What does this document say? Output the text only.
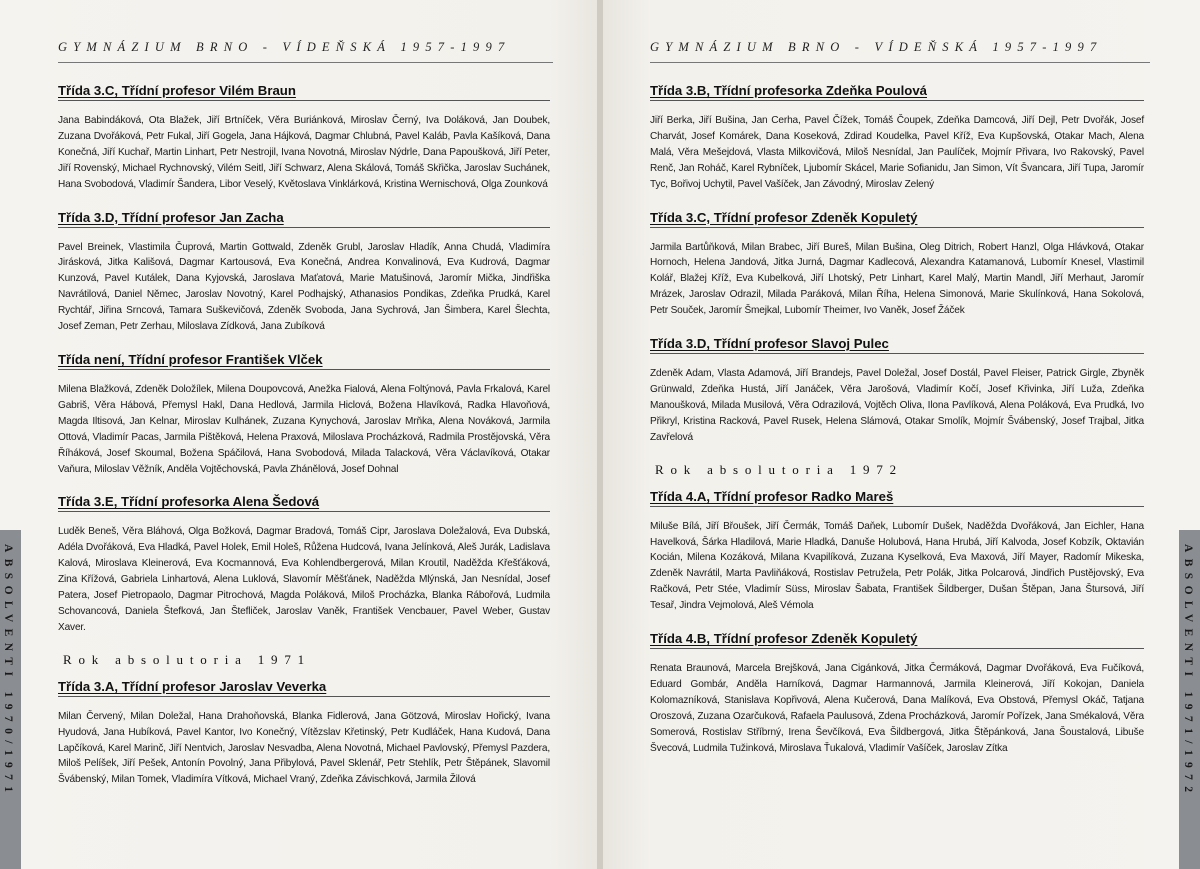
GYMNÁZIUM BRNO - VÍDEŇSKÁ 1957-1997
Třída 3.C, Třídní profesor Vilém Braun

Jana Babindáková, Ota Blažek, Jiří Brtníček, Věra Buriánková, Miroslav Černý, Iva Doláková, Jan Doubek, Zuzana Dvořáková, Petr Fukal, Jiří Gogela, Jana Hájková, Dagmar Chlubná, Pavel Kaláb, Pavla Kašíková, Dana Konečná, Jiří Kuchař, Martin Linhart, Petr Nestrojil, Ivana Novotná, Miroslav Nýdrle, Dana Papoušková, Jiří Peter, Jiří Rovenský, Michael Rychnovský, Vilém Seitl, Jiří Schwarz, Alena Skálová, Tomáš Skřička, Jaroslav Suchánek, Hana Svobodová, Vladimír Šandera, Libor Veselý, Květoslava Vinklárková, Kristina Wernischová, Olga Zounková

Třída 3.D, Třídní profesor Jan Zacha

Pavel Breinek, Vlastimila Čuprová, Martin Gottwald, Zdeněk Grubl, Jaroslav Hladík, Anna Chudá, Vladimíra Jirásková, Jitka Kališová, Dagmar Kartousová, Eva Konečná, Andrea Konvalinová, Eva Kudrová, Dagmar Kunzová, Pavel Kutálek, Dana Kyjovská, Jaroslava Maťatová, Marie Matušinová, Jaromír Mička, Jindřiška Navrátilová, Daniel Němec, Jaroslav Novotný, Karel Podhajský, Athanasios Pondikas, Zdeňka Prudká, Karel Rychtář, Jiřina Srncová, Tamara Suškevičová, Zdeněk Svoboda, Jana Sychrová, Jan Šimbera, Karel Šlechta, Josef Zeman, Petr Zerhau, Miloslava Zídková, Jana Zubíková

Třída není, Třídní profesor František Vlček

Milena Blažková, Zdeněk Doložílek, Milena Doupovcová, Anežka Fialová, Alena Foltýnová, Pavla Frkalová, Karel Gabriš, Věra Hábová, Přemysl Hakl, Dana Hedlová, Jarmila Hiclová, Božena Hlavíková, Radka Hlavoňová, Magda Iltisová, Jan Kelnar, Miroslav Kulhánek, Zuzana Kynychová, Jaroslav Mrňka, Alena Nováková, Jarmila Ottová, Vladimír Pacas, Jarmila Pištěková, Helena Praxová, Miloslava Procházková, Radmila Prostějovská, Věra Říháková, Josef Skoumal, Božena Spáčilová, Hana Svobodová, Milada Talacková, Věra Václavíková, Otakar Vaňura, Miloslav Věžník, Anděla Vojtěchovská, Pavla Zhánělová, Josef Dohnal

Třída 3.E, Třídní profesorka Alena Šedová

Luděk Beneš, Věra Bláhová, Olga Božková, Dagmar Bradová, Tomáš Cipr, Jaroslava Doležalová, Eva Dubská, Adéla Dvořáková, Eva Hladká, Pavel Holek, Emil Holeš, Růžena Hudcová, Ivana Jelínková, Aleš Jurák, Ladislava Kalová, Miroslava Kleinerová, Eva Kocmannová, Eva Kohlendbergerová, Milan Kroutil, Naděžda Křešťáková, Zina Křížová, Gabriela Linhartová, Alena Luklová, Slavomír Měšťánek, Naděžda Mlýnská, Jan Nesnídal, Josef Patera, Josef Pietropaolo, Dagmar Pitrochová, Magda Poláková, Miloš Procházka, Blanka Rábořová, Ludmila Schovancová, Daniela Štefková, Jan Štefliček, Jaroslav Vaněk, František Vencbauer, Pavel Weber, Gustav Xaver.

Rok absolutoria 1971
Třída 3.A, Třídní profesor Jaroslav Veverka

Milan Červený, Milan Doležal, Hana Drahoňovská, Blanka Fidlerová, Jana Götzová, Miroslav Hořický, Ivana Hyudová, Jana Hubíková, Pavel Kantor, Ivo Konečný, Vítězslav Křetinský, Petr Kudláček, Hana Kudová, Dana Lapčíková, Karel Marinč, Jiří Nentvich, Jaroslav Nesvadba, Alena Novotná, Michael Pavlovský, Přemysl Pazdera, Miloš Pelíšek, Jiří Pešek, Antonín Povolný, Jana Přibylová, Pavel Sklenář, Petr Stehlík, Petr Štěpánek, Slavomil Švábenský, Milan Tomek, Vladimíra Vítková, Michael Vraný, Zdeňka Závischková, Jarmila Žilová

ABSOLVENTI 1970/1971
GYMNÁZIUM BRNO - VÍDEŇSKÁ 1957-1997
Třída 3.B, Třídní profesorka Zdeňka Poulová

Jiří Berka, Jiří Bušina, Jan Cerha, Pavel Čížek, Tomáš Čoupek, Zdeňka Damcová, Jiří Dejl, Petr Dvořák, Josef Charvát, Josef Komárek, Dana Koseková, Zdirad Koudelka, Pavel Kříž, Eva Kupšovská, Otakar Mach, Alena Malá, Věra Mešejdová, Vlasta Milkovičová, Miloš Nesnídal, Jan Paulíček, Mojmír Přivara, Ivo Rakovský, Pavel Renč, Jan Roháč, Karel Rybníček, Ljubomír Skácel, Marie Sofianidu, Jan Simon, Vít Švancara, Jiří Tupa, Jaromír Tyc, Bořivoj Uchytil, Pavel Vašíček, Jan Závodný, Miroslav Zelený

Třída 3.C, Třídní profesor Zdeněk Kopuletý

Jarmila Bartůňková, Milan Brabec, Jiří Bureš, Milan Bušina, Oleg Ditrich, Robert Hanzl, Olga Hlávková, Otakar Hornoch, Helena Jandová, Jitka Jurná, Dagmar Kadlecová, Alexandra Katamanová, Lubomír Knesel, Vlastimil Kolář, Blažej Kříž, Eva Kubelková, Jiří Lhotský, Petr Linhart, Karel Malý, Martin Mandl, Jiří Merhaut, Jaromír Mrázek, Jaroslav Odrazil, Milada Paráková, Milan Říha, Helena Simonová, Marie Skulínková, Hana Sokolová, Petr Souček, Jaromír Šmejkal, Lubomír Theimer, Ivo Vaněk, Josef Žáček

Třída 3.D, Třídní profesor Slavoj Pulec

Zdeněk Adam, Vlasta Adamová, Jiří Brandejs, Pavel Doležal, Josef Dostál, Pavel Fleiser, Patrick Girgle, Zbyněk Grünwald, Zdeňka Hustá, Jiří Janáček, Věra Jarošová, Vladimír Kočí, Josef Křivinka, Jiří Luža, Zdeňka Manoušková, Milada Musilová, Věra Odrazilová, Vojtěch Oliva, Ilona Pavlíková, Alena Poláková, Eva Prudká, Ivo Přikryl, Kristina Racková, Pavel Rusek, Helena Slámová, Otakar Smolík, Mojmír Švábenský, Josef Trajbal, Jitka Zavřelová

Rok absolutoria 1972
Třída 4.A, Třídní profesor Radko Mareš

Miluše Bílá, Jiří Břoušek, Jiří Čermák, Tomáš Daňek, Lubomír Dušek, Naděžda Dvořáková, Jan Eichler, Hana Havelková, Šárka Hladilová, Marie Hladká, Danuše Holubová, Hana Hrubá, Jiří Kalvoda, Josef Kobzík, Oktavián Kocián, Milena Kozáková, Milana Kvapilíková, Zuzana Kyselková, Eva Maxová, Jiří Mayer, Radomír Mikeska, Zdeněk Navrátil, Marta Pavliňáková, Rostislav Petružela, Petr Polák, Jitka Polcarová, Jindřich Pustějovský, Eva Račková, Petr Stée, Vladimír Süss, Miroslav Šabata, František Šildberger, Dušan Štěpan, Jana Štursová, Jiří Tesař, Jindra Vejmolová, Aleš Vémola

Třída 4.B, Třídní profesor Zdeněk Kopuletý

Renata Braunová, Marcela Brejšková, Jana Cigánková, Jitka Čermáková, Dagmar Dvořáková, Eva Fučíková, Eduard Gombár, Anděla Harníková, Dagmar Harmannová, Jarmila Kleinerová, Jiří Kokojan, Daniela Kolomazníková, Stanislava Kopřivová, Alena Kučerová, Dana Malíková, Eva Obstová, Přemysl Okáč, Tatjana Oroszová, Zuzana Ozarčuková, Rafaela Paulusová, Zdena Procházková, Jaromír Pořízek, Jana Smékalová, Věra Somerová, Rostislav Stříbrný, Irena Ševčíková, Eva Šildbergová, Jitka Štěpánková, Jana Šoustalová, Libuše Švecová, Ludmila Tužinková, Miroslava Ťukalová, Vladimír Vašíček, Jaroslav Zítka	ABSOLVENTI 1971/1972
